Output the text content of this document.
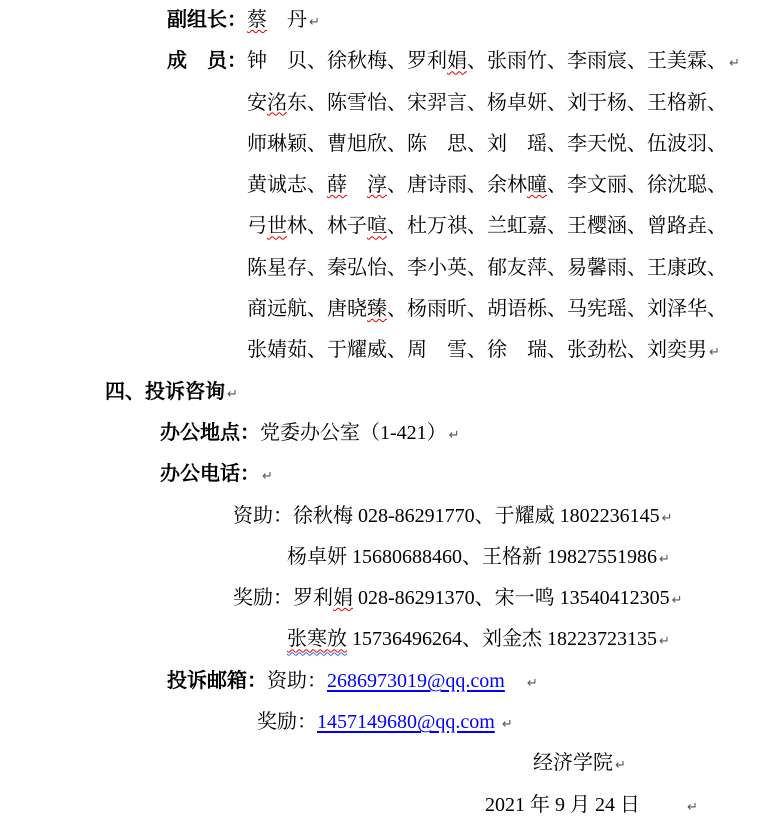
副组长：蔡　丹 ↵
成　员：钟　贝、徐秋梅、罗利娟、张雨竹、李雨宸、王美霖、 ↵
安洺东、陈雪怡、宋羿言、杨卓妍、刘于杨、王格新、
师琳颖、曹旭欣、陈　思、刘　瑶、李天悦、伍波羽、
黄诚志、薛　 淳、唐诗雨、余林曈、李文丽、徐沈聪、
弓世林、林子喧、杜万祺、兰虹嘉、王樱涵、曾路垚、
陈星存、秦弘怡、李小英、郁友萍、易馨雨、王康政、
商远航、唐晓臻、杨雨昕、胡语栎、马宪瑶、刘泽华、
张婧茹、于耀威、周　雪、徐　瑞、张劲松、刘奕男 ↵
四、投诉咨询 ↵
办公地点：党委办公室（1-421） ↵
办公电话： ↵
资助：徐秋梅 028-86291770、于耀威 1802236145 ↵
杨卓妍 15680688460、王格新 19827551986 ↵
奖励：罗利娟 028-86291370、宋一鸣 13540412305 ↵
张寒放 15736496264、刘金杰 18223723135 ↵
投诉邮箱：资助：2686973019@qq.com　 ↵
奖励：1457149680@qq.com ↵
经济学院 ↵
2021 年 9 月 24 日　　	↵
